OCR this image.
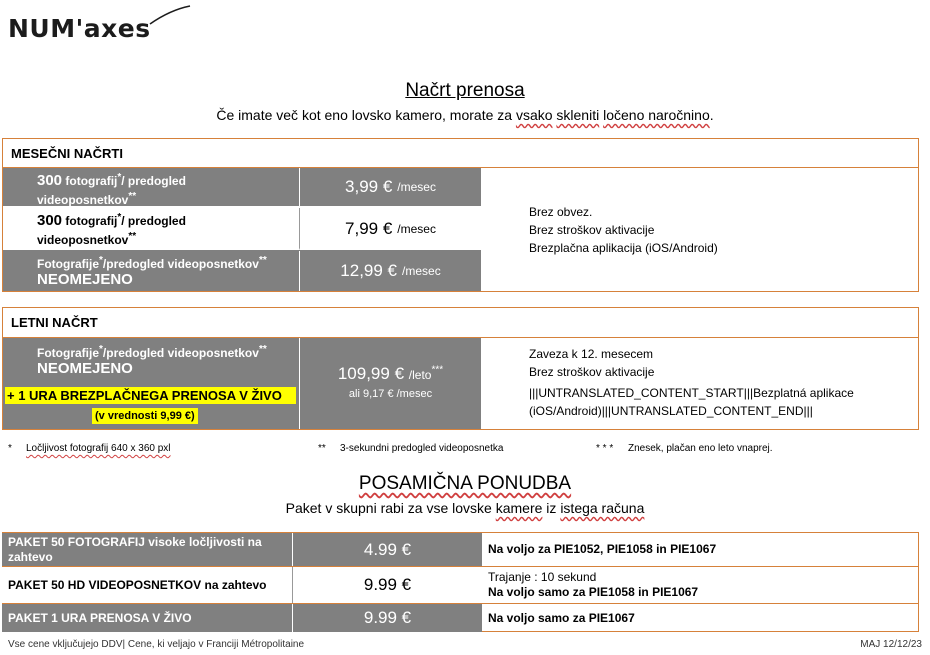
NUM'axes
Načrt prenosa
Če imate več kot eno lovsko kamero, morate za vsako skleniti ločeno naročnino.
MESEČNI NAČRTI
300 fotografij*/ predogled
videoposnetkov**
3,99 € /mesec
300 fotografij*/ predogled
videoposnetkov**	7,99 € /mesec
Fotografije*/predogled videoposnetkov**
NEOMEJENO	12,99 € /mesec
Brez obvez.
Brez stroškov aktivacije
Brezplačna aplikacija (iOS/Android)
LETNI NAČRT
Fotografije*/predogled videoposnetkov**
NEOMEJENO
+ 1 URA BREZPLAČNEGA PRENOSA V ŽIVO
(v vrednosti 9,99 €)
109,99 € /leto***
ali 9,17 € /mesec
Zaveza k 12. mesecem
Brez stroškov aktivacije
|||UNTRANSLATED_CONTENT_START|||Bezplatná aplikace
(iOS/Android)|||UNTRANSLATED_CONTENT_END|||
* Ločljivost fotografij 640 x 360 pxl	** 3-sekundni predogled videoposnetka	* * * Znesek, plačan eno leto vnaprej.
POSAMIČNA PONUDBA
Paket v skupni rabi za vse lovske kamere iz istega računa
PAKET 50 FOTOGRAFIJ visoke ločljivosti na zahtevo	4.99 €	Na voljo za PIE1052, PIE1058 in PIE1067
PAKET 50 HD VIDEOPOSNETKOV na zahtevo	9.99 €	Trajanje : 10 sekund
Na voljo samo za PIE1058 in PIE1067
PAKET 1 URA PRENOSA V ŽIVO	9.99 €	Na voljo samo za PIE1067
Vse cene vključujejo DDV| Cene, ki veljajo v Franciji Métropolitaine	MAJ 12/12/23
